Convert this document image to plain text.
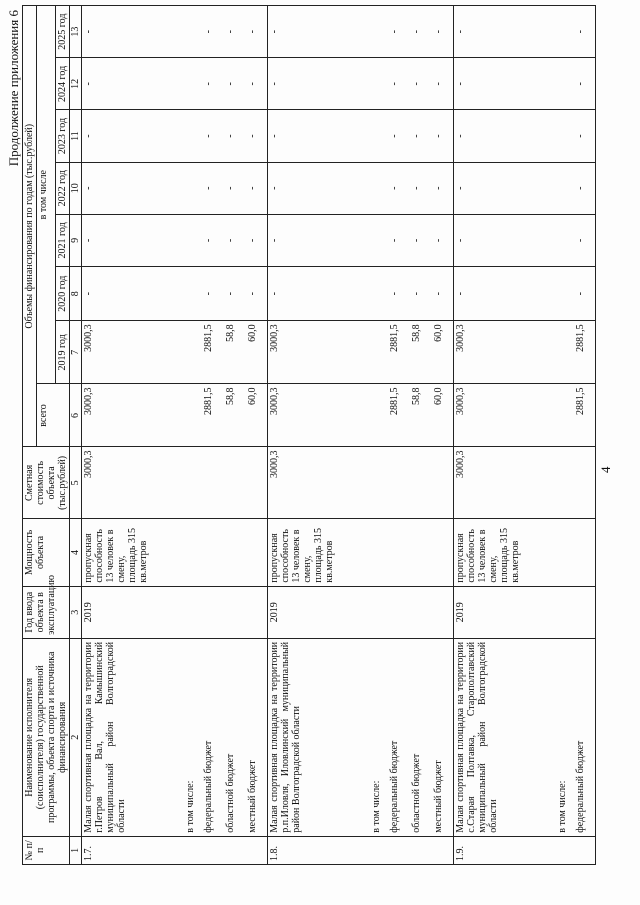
4
Продолжение приложения 6
№ п/п	Наименование исполнителя (соисполнителя) государственной программы, объекта спорта и источника финансирования	Год ввода объекта в эксплуатацию	Мощность объекта	Сметная стоимость объекта (тыс.рублей)	Объемы финансирования по годам (тыс.рублей)							
					всего	в том числе						
						2019 год	2020 год	2021 год	2022 год	2023 год	2024 год	2025 год
1	2	3	4	5	6	7	8	9	10	11	12	13
1.7.	Малая спортивная площадка на территории г.Петров Вал, Камышинский муниципальный район Волгоградской области	2019	пропускная способность 13 человек в смену, площадь 315 кв.метров	3000,3	3000,3	3000,3	-	-	-	-	-	-
	в том числе:											
	федеральный бюджет				2881,5	2881,5	-	-	-	-	-	-
	областной бюджет				58,8	58,8	-	-	-	-	-	-
	местный бюджет				60,0	60,0	-	-	-	-	-	-
1.8.	Малая спортивная площадка на территории р.п.Иловля, Иловлинский муниципальный район Волгоградской области	2019	пропускная способность 13 человек в смену, площадь 315 кв.метров	3000,3	3000,3	3000,3	-	-	-	-	-	-
	в том числе:											
	федеральный бюджет				2881,5	2881,5	-	-	-	-	-	-
	областной бюджет				58,8	58,8	-	-	-	-	-	-
	местный бюджет				60,0	60,0	-	-	-	-	-	-
1.9.	Малая спортивная площадка на территории с.Старая Полтавка, Старополтавский муниципальный район Волгоградской области	2019	пропускная способность 13 человек в смену, площадь 315 кв.метров	3000,3	3000,3	3000,3	-	-	-	-	-	-
	в том числе:											
	федеральный бюджет				2881,5	2881,5	-	-	-	-	-	-
